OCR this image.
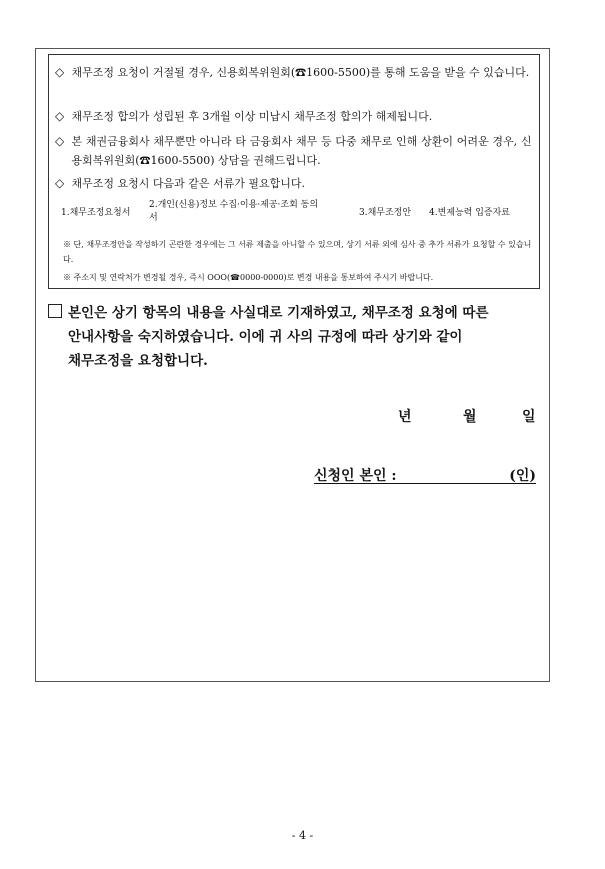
◇ 채무조정 요청이 거절될 경우, 신용회복위원회(☎1600-5500)를 통해 도움을 받을 수 있습니다.
◇ 채무조정 합의가 성립된 후 3개월 이상 미납시 채무조정 합의가 해제됩니다.
◇ 본 채권금융회사 채무뿐만 아니라 타 금융회사 채무 등 다중 채무로 인해 상환이 어려운 경우, 신용회복위원회(☎1600-5500) 상담을 권해드립니다.
◇ 채무조정 요청시 다음과 같은 서류가 필요합니다.
1.채무조정요청서
2.개인(신용)정보 수집·이용·제공·조회 동의서	3.채무조정안 4.변제능력 입증자료
※ 단, 채무조정안을 작성하기 곤란한 경우에는 그 서류 제출을 아니할 수 있으며, 상기 서류 외에 심사 중 추가 서류가 요청할 수 있습니다.
※ 주소지 및 연락처가 변경될 경우, 즉시 OOO(☎0000-0000)로 변경 내용을 통보하여 주시기 바랍니다.
본인은 상기 항목의 내용을 사실대로 기재하였고, 채무조정 요청에 따른
안내사항을 숙지하였습니다. 이에 귀 사의 규정에 따라 상기와 같이
채무조정을 요청합니다.
년	월	일
신청인 본인 :	(인)
- 4 -
